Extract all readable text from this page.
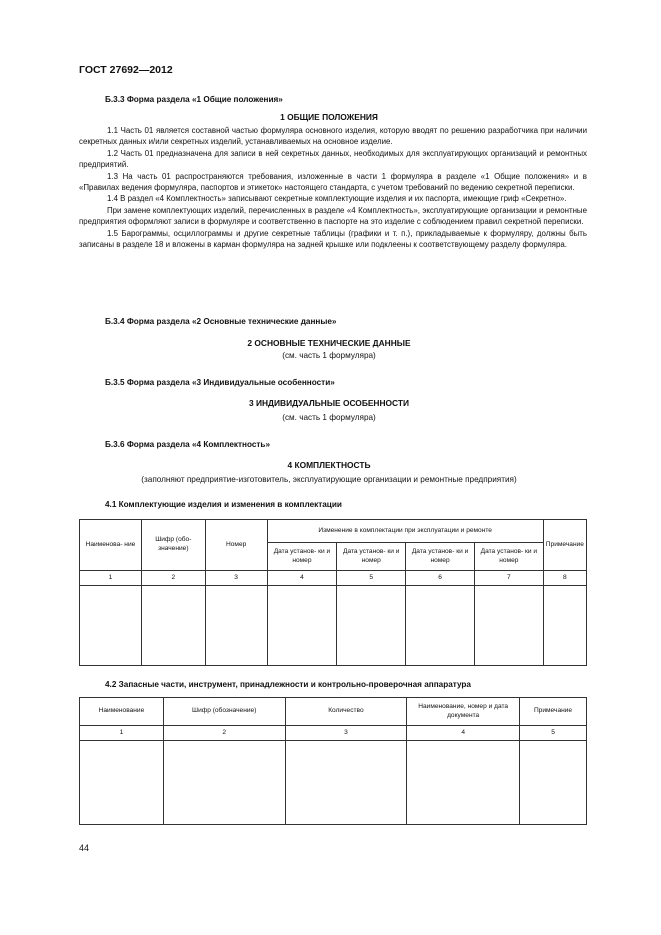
ГОСТ 27692—2012
Б.3.3 Форма раздела «1 Общие положения»
1 ОБЩИЕ ПОЛОЖЕНИЯ

1.1 Часть 01 является составной частью формуляра основного изделия, которую вводят по решению разработчика при наличии секретных данных и/или секретных изделий, устанавливаемых на основное изделие.

1.2 Часть 01 предназначена для записи в ней секретных данных, необходимых для эксплуатирующих организаций и ремонтных предприятий.

1.3 На часть 01 распространяются требования, изложенные в части 1 формуляра в разделе «1 Общие положения» и в «Правилах ведения формуляра, паспортов и этикеток» настоящего стандарта, с учетом требований по ведению секретной переписки.

1.4 В раздел «4 Комплектность» записывают секретные комплектующие изделия и их паспорта, имеющие гриф «Секретно».

При замене комплектующих изделий, перечисленных в разделе «4 Комплектность», эксплуатирующие организации и ремонтные предприятия оформляют записи в формуляре и соответственно в паспорте на это изделие с соблюдением правил секретной переписки.

1.5 Барограммы, осциллограммы и другие секретные таблицы (графики и т. п.), прикладываемые к формуляру, должны быть записаны в разделе 18 и вложены в карман формуляра на задней крышке или подклеены к соответствующему разделу формуляра.

Б.3.4 Форма раздела «2 Основные технические данные»
2 ОСНОВНЫЕ ТЕХНИЧЕСКИЕ ДАННЫЕ
(см. часть 1 формуляра)
Б.3.5 Форма раздела «3 Индивидуальные особенности»
3 ИНДИВИДУАЛЬНЫЕ ОСОБЕННОСТИ
(см. часть 1 формуляра)
Б.3.6 Форма раздела «4 Комплектность»
4 КОМПЛЕКТНОСТЬ
(заполняют предприятие-изготовитель, эксплуатирующие организации и ремонтные предприятия)
4.1 Комплектующие изделия и изменения в комплектации
Наименова- ние	Шифр (обо- значение)	Номер	Изменение в комплектации при эксплуатации и ремонте				Примечание
			Дата установ- ки и номер	Дата установ- ки и номер	Дата установ- ки и номер	Дата установ- ки и номер	
1	2	3	4	5	6	7	8

4.2 Запасные части, инструмент, принадлежности и контрольно-проверочная аппаратура
Наименование	Шифр (обозначение)	Количество	Наименование, номер и дата документа	Примечание
1	2	3	4	5

44
